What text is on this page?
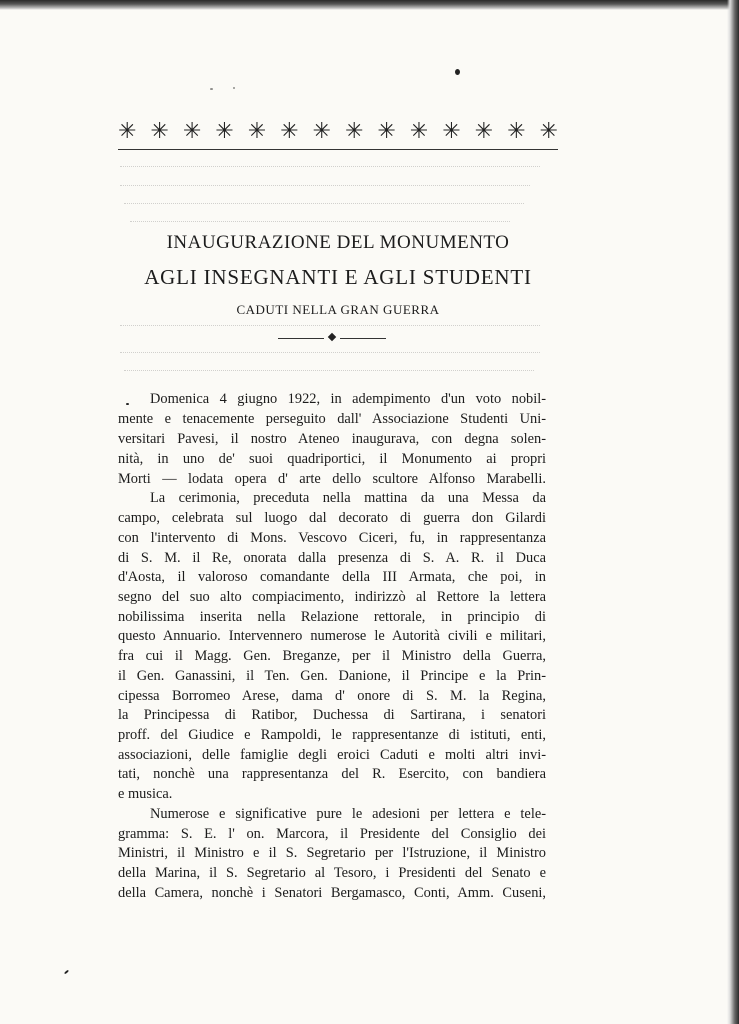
✳ ✳ ✳ ✳ ✳ ✳ ✳ ✳ ✳ ✳ ✳ ✳ ✳ ✳
INAUGURAZIONE DEL MONUMENTO
AGLI INSEGNANTI E AGLI STUDENTI
CADUTI NELLA GRAN GUERRA
Domenica 4 giugno 1922, in adempimento d'un voto nobil-
mente e tenacemente perseguito dall' Associazione Studenti Uni-
versitari Pavesi, il nostro Ateneo inaugurava, con degna solen-
nità, in uno de' suoi quadriportici, il Monumento ai propri
Morti — lodata opera d' arte dello scultore Alfonso Marabelli.
La cerimonia, preceduta nella mattina da una Messa da
campo, celebrata sul luogo dal decorato di guerra don Gilardi
con l'intervento di Mons. Vescovo Ciceri, fu, in rappresentanza
di S. M. il Re, onorata dalla presenza di S. A. R. il Duca
d'Aosta, il valoroso comandante della III Armata, che poi, in
segno del suo alto compiacimento, indirizzò al Rettore la lettera
nobilissima inserita nella Relazione rettorale, in principio di
questo Annuario. Intervennero numerose le Autorità civili e militari,
fra cui il Magg. Gen. Breganze, per il Ministro della Guerra,
il Gen. Ganassini, il Ten. Gen. Danione, il Principe e la Prin-
cipessa Borromeo Arese, dama d' onore di S. M. la Regina,
la Principessa di Ratibor, Duchessa di Sartirana, i senatori
proff. del Giudice e Rampoldi, le rappresentanze di istituti, enti,
associazioni, delle famiglie degli eroici Caduti e molti altri invi-
tati, nonchè una rappresentanza del R. Esercito, con bandiera
e musica.
Numerose e significative pure le adesioni per lettera e tele-
gramma: S. E. l' on. Marcora, il Presidente del Consiglio dei
Ministri, il Ministro e il S. Segretario per l'Istruzione, il Ministro
della Marina, il S. Segretario al Tesoro, i Presidenti del Senato e
della Camera, nonchè i Senatori Bergamasco, Conti, Amm. Cuseni,
